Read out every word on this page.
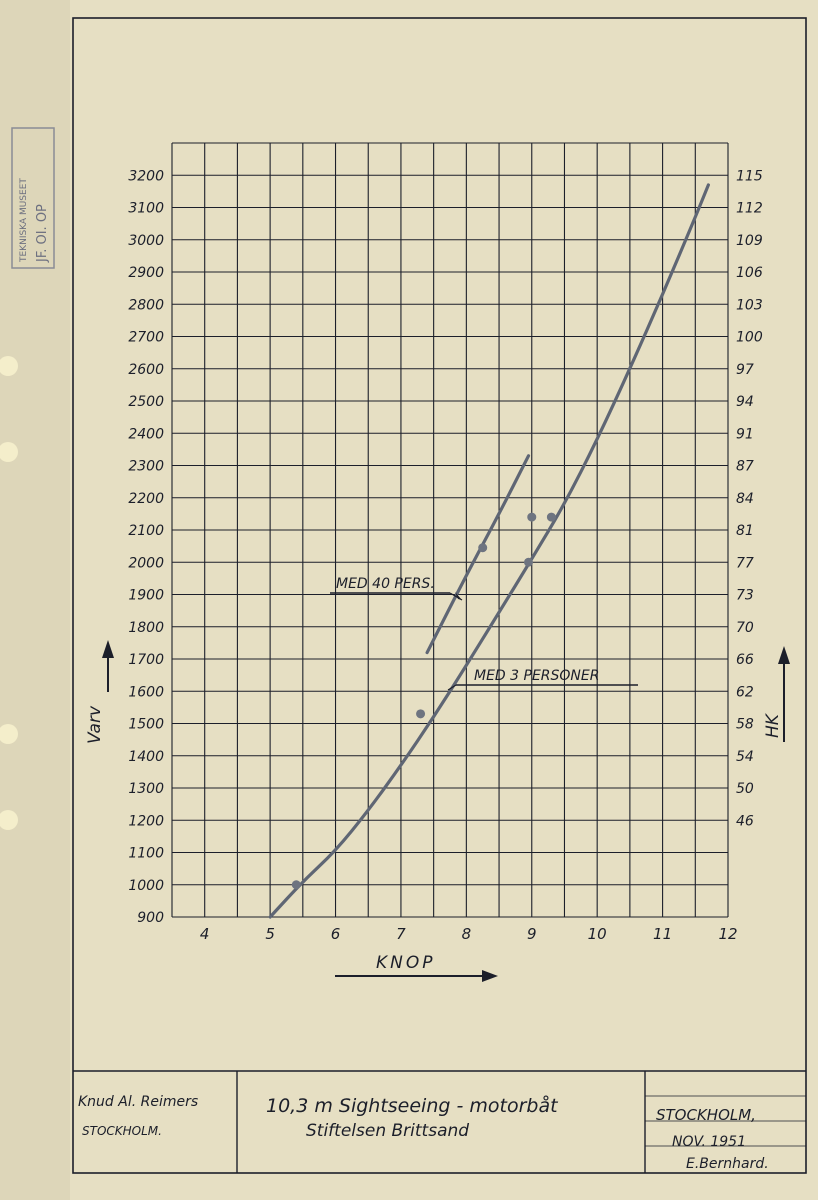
TEKNISKA MUSEET JF. OI. OP
Knud Al. Reimers
STOCKHOLM.
10,3 m Sightseeing - motorbåt
Stiftelsen Brittsand
STOCKHOLM,
NOV. 1951
E.Bernhard.
4	5	6	7	8	9	10	11	12
900
1000
1100
1200
1300
1400
1500
1600
1700
1800
1900
2000
2100
2200
2300
2400
2500
2600
2700
2800
2900
3000
3100
3200	115
112
109
106
103
100
97
94
91
87
84
81
77
73
70
66
62
58
54
50
46
KNOP
Varv	HK
MED 40 PERS.
MED 3 PERSONER
